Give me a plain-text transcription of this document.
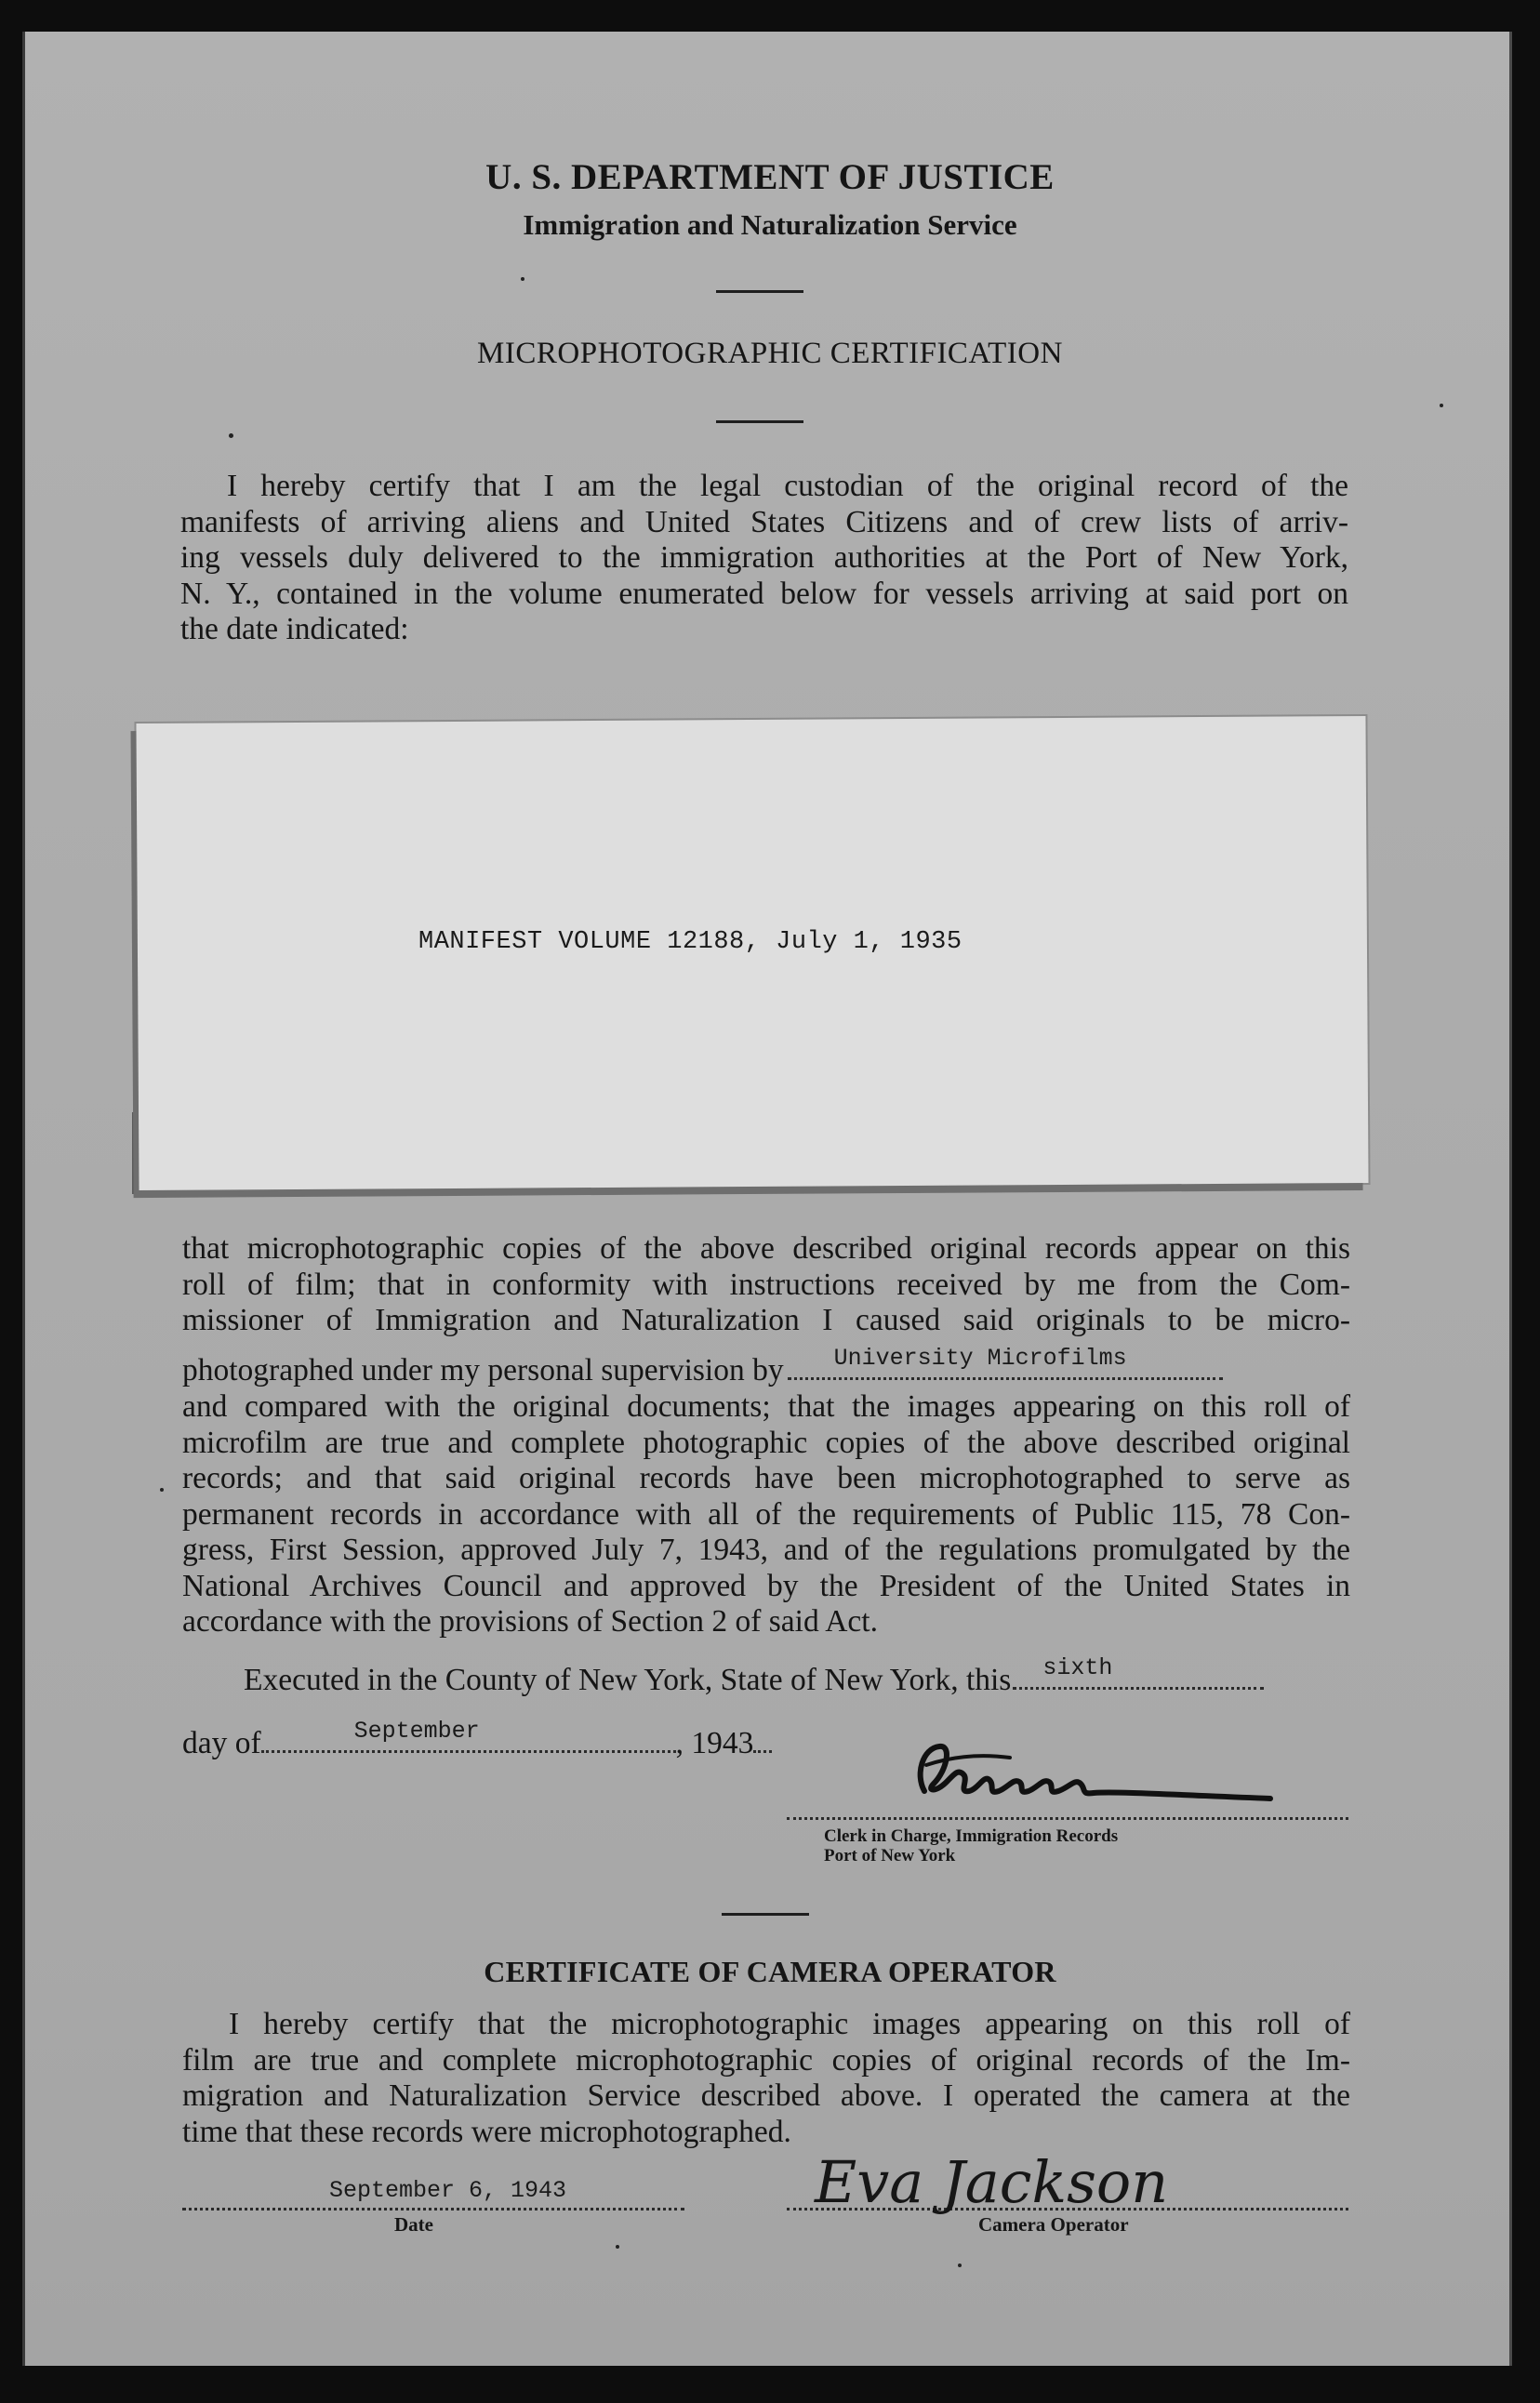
U. S. DEPARTMENT OF JUSTICE
Immigration and Naturalization Service
MICROPHOTOGRAPHIC CERTIFICATION
I hereby certify that I am the legal custodian of the original record of the
manifests of arriving aliens and United States Citizens and of crew lists of arriv-
ing vessels duly delivered to the immigration authorities at the Port of New York,
N. Y., contained in the volume enumerated below for vessels arriving at said port on
the date indicated:
MANIFEST VOLUME 12188, July 1, 1935
that microphotographic copies of the above described original records appear on this
roll of film; that in conformity with instructions received by me from the Com-
missioner of Immigration and Naturalization I caused said originals to be micro-
photographed under my personal supervision by University Microfilms
and compared with the original documents; that the images appearing on this roll of
microfilm are true and complete photographic copies of the above described original
records; and that said original records have been microphotographed to serve as
permanent records in accordance with all of the requirements of Public 115, 78 Con-
gress, First Session, approved July 7, 1943, and of the regulations promulgated by the
National Archives Council and approved by the President of the United States in
accordance with the provisions of Section 2 of said Act.
Executed in the County of New York, State of New York, this sixth
day of	September	, 1943
Clerk in Charge, Immigration Records
Port of New York
CERTIFICATE OF CAMERA OPERATOR
I hereby certify that the microphotographic images appearing on this roll of
film are true and complete microphotographic copies of original records of the Im-
migration and Naturalization Service described above. I operated the camera at the
time that these records were microphotographed.
September 6, 1943
Date
Eva Jackson
Camera Operator
